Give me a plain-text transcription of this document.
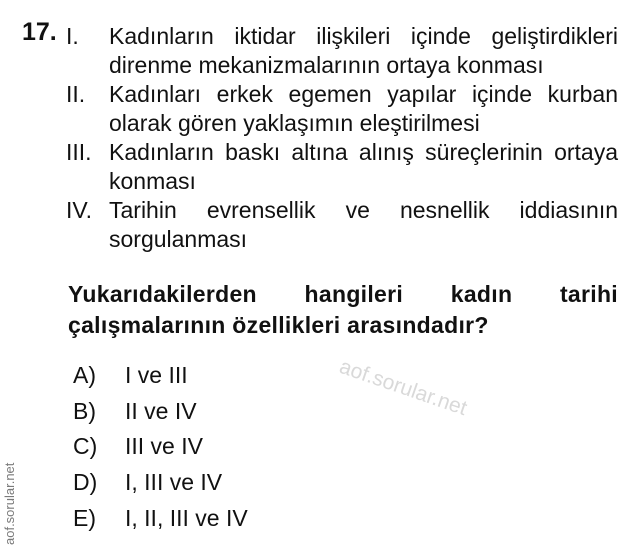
17. I. Kadınların iktidar ilişkileri içinde geliştirdikleri direnme mekanizmalarının ortaya konması
II. Kadınları erkek egemen yapılar içinde kurban olarak gören yaklaşımın eleştirilmesi
III. Kadınların baskı altına alınış süreçlerinin ortaya konması
IV. Tarihin evrensellik ve nesnellik iddiasının sorgulanması
Yukarıdakilerden hangileri kadın tarihi çalışmalarının özellikleri arasındadır?
A) I ve III
B) II ve IV
C) III ve IV
D) I, III ve IV
E) I, II, III ve IV
aof.sorular.net
aof.sorular.net
